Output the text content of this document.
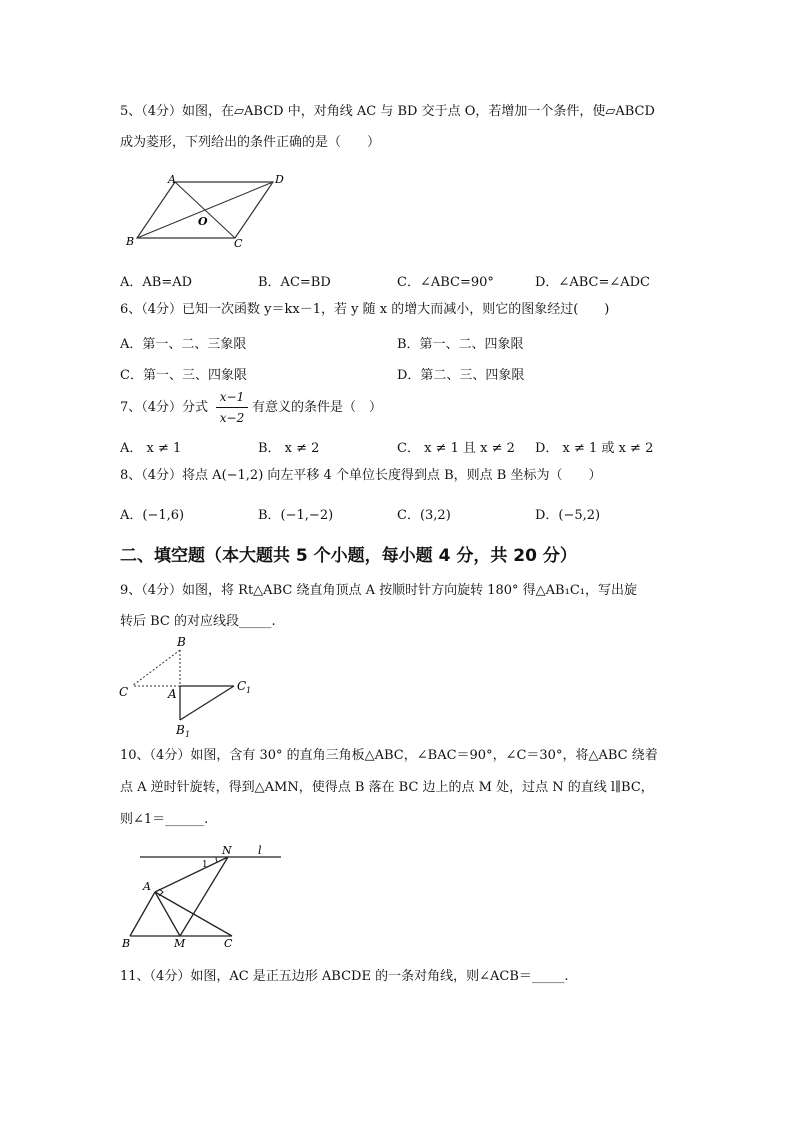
5、（4分）如图，在▱ABCD 中，对角线 AC 与 BD 交于点 O，若增加一个条件，使▱ABCD
成为菱形，下列给出的条件正确的是（　　）
A	D
B	C
O
A．AB=AD	B．AC=BD	C．∠ABC=90°	D．∠ABC=∠ADC
6、（4分）已知一次函数 y＝kx－1，若 y 随 x 的增大而减小，则它的图象经过(　　)
A．第一、二、三象限	B．第一、二、四象限
C．第一、三、四象限	D．第二、三、四象限
7、（4分）分式
x−1
x−2
有意义的条件是（　）
A． x ≠ 1	B． x ≠ 2	C． x ≠ 1 且 x ≠ 2 D． x ≠ 1 或 x ≠ 2
8、（4分）将点 A(−1,2) 向左平移 4 个单位长度得到点 B，则点 B 坐标为（　　）
A．(−1,6)	B．(−1,−2)	C．(3,2)	D．(−5,2)
二、填空题（本大题共 5 个小题，每小题 4 分，共 20 分）
9、（4分）如图，将 Rt△ABC 绕直角顶点 A 按顺时针方向旋转 180° 得△AB₁C₁，写出旋
转后 BC 的对应线段_____.
B
C	A
C 1
B 1
10、（4分）如图，含有 30° 的直角三角板△ABC，∠BAC＝90°，∠C＝30°，将△ABC 绕着
点 A 逆时针旋转，得到△AMN，使得点 B 落在 BC 边上的点 M 处，过点 N 的直线 l∥BC，
则∠1＝______.
N l
1
A
B	M	C
11、（4分）如图，AC 是正五边形 ABCDE 的一条对角线，则∠ACB＝_____.
